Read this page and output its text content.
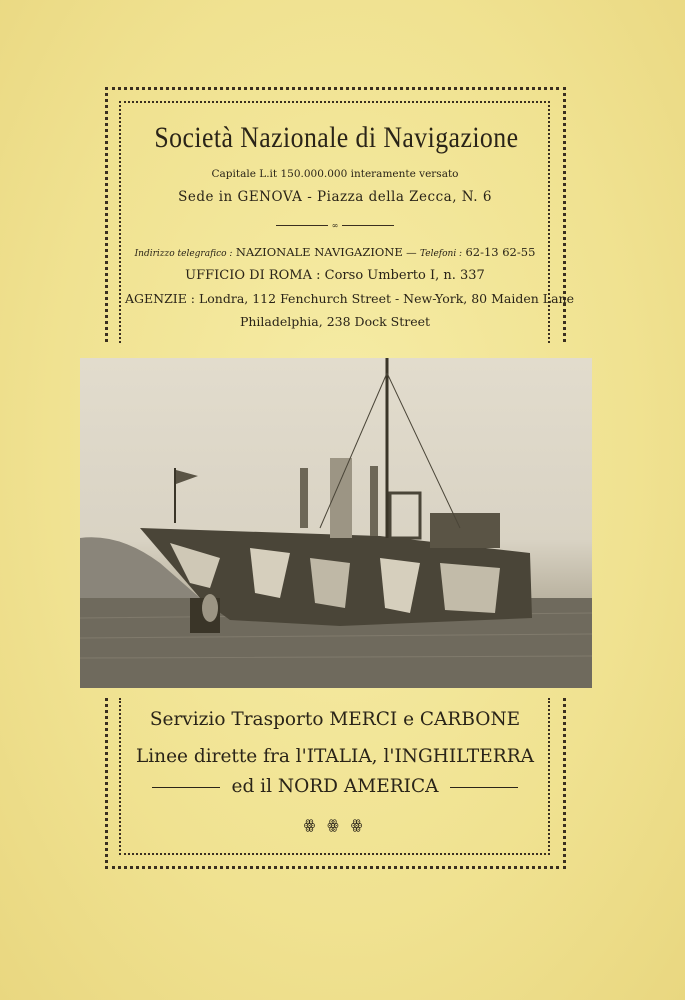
Società Nazionale di Navigazione
Capitale L.it 150.000.000 interamente versato
Sede in GENOVA - Piazza della Zecca, N. 6
∞
Indirizzo telegrafico : NAZIONALE NAVIGAZIONE — Telefoni : 62-13 62-55
UFFICIO DI ROMA : Corso Umberto I, n. 337
AGENZIE : Londra, 112 Fenchurch Street - New-York, 80 Maiden Lane
Philadelphia, 238 Dock Street
Servizio Trasporto MERCI e CARBONE
Linee dirette fra l'ITALIA, l'INGHILTERRA
ed il NORD AMERICA
ꙮ ꙮ ꙮ
